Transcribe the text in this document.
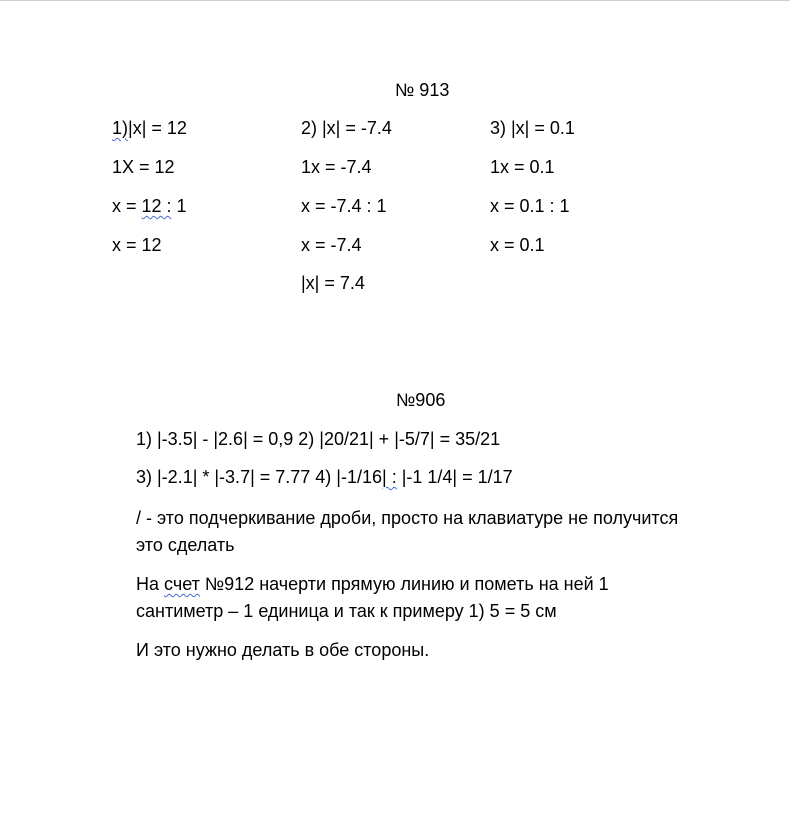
№ 913
1)|x| = 12
1X = 12
x = 12 : 1
x = 12
2) |x| = -7.4
1x = -7.4
x = -7.4 : 1
x = -7.4
|x| = 7.4
3) |x| = 0.1
1x = 0.1
x = 0.1 : 1
x = 0.1
№906
1) |-3.5| - |2.6| = 0,9 2) |20/21| + |-5/7| = 35/21
3) |-2.1| * |-3.7| = 7.77 4) |-1/16| : |-1 1/4| = 1/17
/ - это подчеркивание дроби, просто на клавиатуре не получится
это сделать
На счет №912 начерти прямую линию и пометь на ней 1
сантиметр – 1 единица и так к примеру 1) 5 = 5 см
И это нужно делать в обе стороны.
